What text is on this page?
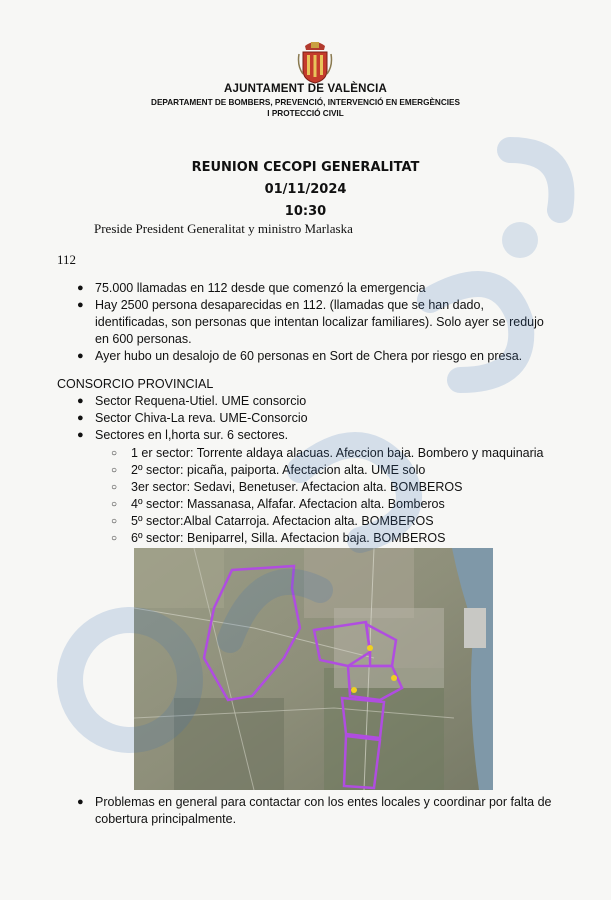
AJUNTAMENT DE VALÈNCIA
DEPARTAMENT DE BOMBERS, PREVENCIÓ, INTERVENCIÓ EN EMERGÈNCIES
I PROTECCIÓ CIVIL
REUNION CECOPI GENERALITAT
01/11/2024
10:30
Preside President Generalitat y ministro Marlaska
112
● 75.000 llamadas en 112 desde que comenzó la emergencia
● Hay 2500 persona desaparecidas en 112. (llamadas que se han dado,
identificadas, son personas que intentan localizar familiares). Solo ayer se redujo
en 600 personas.
● Ayer hubo un desalojo de 60 personas en Sort de Chera por riesgo en presa.
CONSORCIO PROVINCIAL
● Sector Requena-Utiel. UME consorcio
● Sector Chiva-La reva. UME-Consorcio
● Sectores en l,horta sur. 6 sectores.
○ 1 er sector: Torrente aldaya alacuas. Afeccion baja. Bombero y maquinaria
○ 2º sector: picaña, paiporta. Afectacion alta. UME solo
○ 3er sector: Sedavi, Benetuser. Afectacion alta. BOMBEROS
○ 4º sector: Massanasa, Alfafar. Afectacion alta. Bomberos
○ 5º sector:Albal Catarroja. Afectacion alta. BOMBEROS
○ 6º sector: Beniparrel, Silla. Afectacion baja. BOMBEROS
● Problemas en general para contactar con los entes locales y coordinar por falta de
cobertura principalmente.
